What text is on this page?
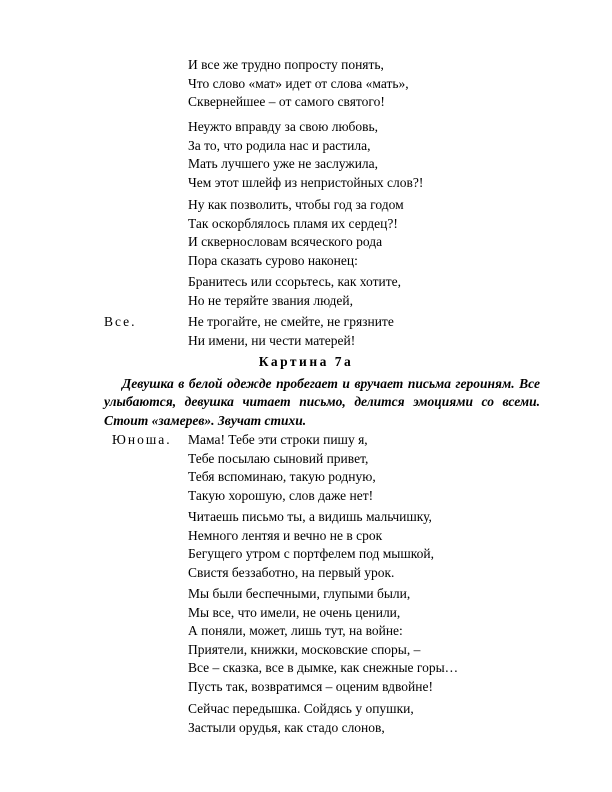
И все же трудно попросту понять,
Что слово «мат» идет от слова «мать»,
Сквернейшее – от самого святого!
Неужто вправду за свою любовь,
За то, что родила нас и растила,
Мать лучшего уже не заслужила,
Чем этот шлейф из непристойных слов?!
Ну как позволить, чтобы год за годом
Так оскорблялось пламя их сердец?!
И сквернословам всяческого рода
Пора сказать сурово наконец:
Бранитесь или ссорьтесь, как хотите,
Но не теряйте звания людей,
Все.	Не трогайте, не смейте, не грязните
Ни имени, ни чести матерей!
Картина 7а
Девушка в белой одежде пробегает и вручает письма героиням. Все улыбаются, девушка читает письмо, делится эмоциями со всеми. Стоит «замерев». Звучат стихи.
Юноша. Мама! Тебе эти строки пишу я,
Тебе посылаю сыновий привет,
Тебя вспоминаю, такую родную,
Такую хорошую, слов даже нет!
Читаешь письмо ты, а видишь мальчишку,
Немного лентяя и вечно не в срок
Бегущего утром с портфелем под мышкой,
Свистя беззаботно, на первый урок.
Мы были беспечными, глупыми были,
Мы все, что имели, не очень ценили,
А поняли, может, лишь тут, на войне:
Приятели, книжки, московские споры, –
Все – сказка, все в дымке, как снежные горы…
Пусть так, возвратимся – оценим вдвойне!
Сейчас передышка. Сойдясь у опушки,
Застыли орудья, как стадо слонов,
